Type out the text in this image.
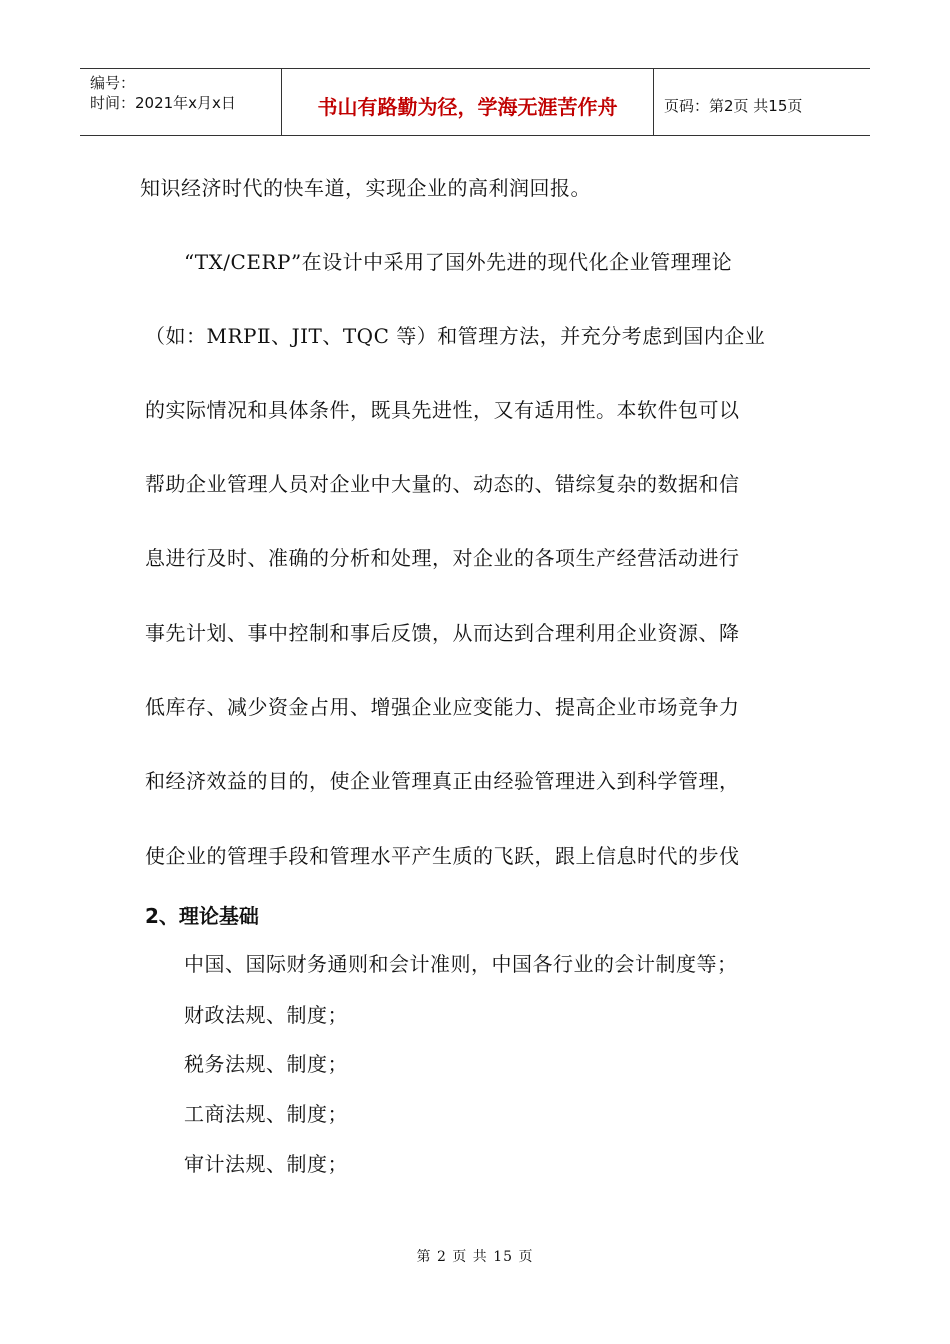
编号：
时间：2021年x月x日	书山有路勤为径，学海无涯苦作舟	页码：第2页 共15页
知识经济时代的快车道，实现企业的高利润回报。
“TX/CERP”在设计中采用了国外先进的现代化企业管理理论
（如：MRPⅡ、JIT、TQC 等）和管理方法，并充分考虑到国内企业
的实际情况和具体条件，既具先进性，又有适用性。本软件包可以
帮助企业管理人员对企业中大量的、动态的、错综复杂的数据和信
息进行及时、准确的分析和处理，对企业的各项生产经营活动进行
事先计划、事中控制和事后反馈，从而达到合理利用企业资源、降
低库存、减少资金占用、增强企业应变能力、提高企业市场竞争力
和经济效益的目的，使企业管理真正由经验管理进入到科学管理，
使企业的管理手段和管理水平产生质的飞跃，跟上信息时代的步伐
2、理论基础
中国、国际财务通则和会计准则，中国各行业的会计制度等；
财政法规、制度；
税务法规、制度；
工商法规、制度；
审计法规、制度；
第 2 页 共 15 页
